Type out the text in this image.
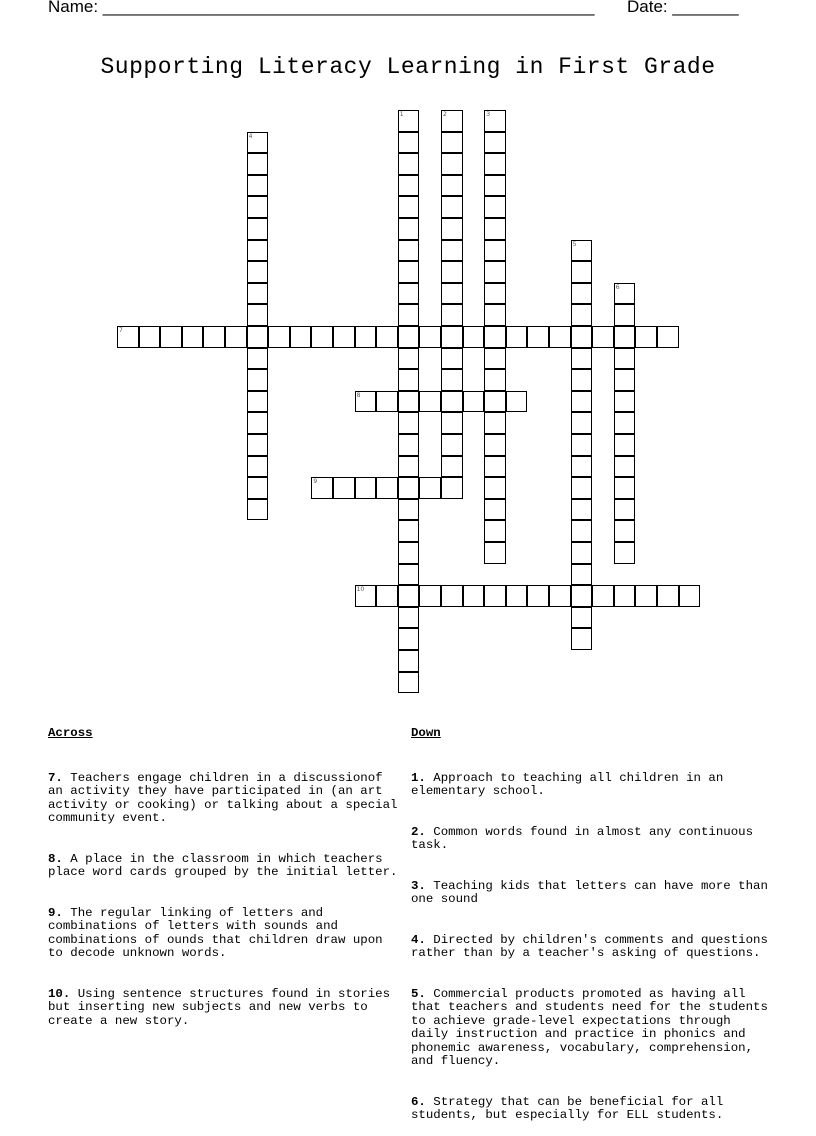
Name: ____________________________________________________ Date: _______
Supporting Literacy Learning in First Grade
1	2	3
4
5
6
7
8
9
10

Across

7. Teachers engage children in a discussionof an activity they have participated in (an art activity or cooking) or talking about a special community event.

8. A place in the classroom in which teachers place word cards grouped by the initial letter.

9. The regular linking of letters and combinations of letters with sounds and combinations of ounds that children draw upon to decode unknown words.

10. Using sentence structures found in stories but inserting new subjects and new verbs to create a new story.

Down

1. Approach to teaching all children in an elementary school.

2. Common words found in almost any continuous task.

3. Teaching kids that letters can have more than one sound

4. Directed by children's comments and questions rather than by a teacher's asking of questions.

5. Commercial products promoted as having all that teachers and students need for the students to achieve grade-level expectations through daily instruction and practice in phonics and phonemic awareness, vocabulary, comprehension, and fluency.

6. Strategy that can be beneficial for all students, but especially for ELL students.
